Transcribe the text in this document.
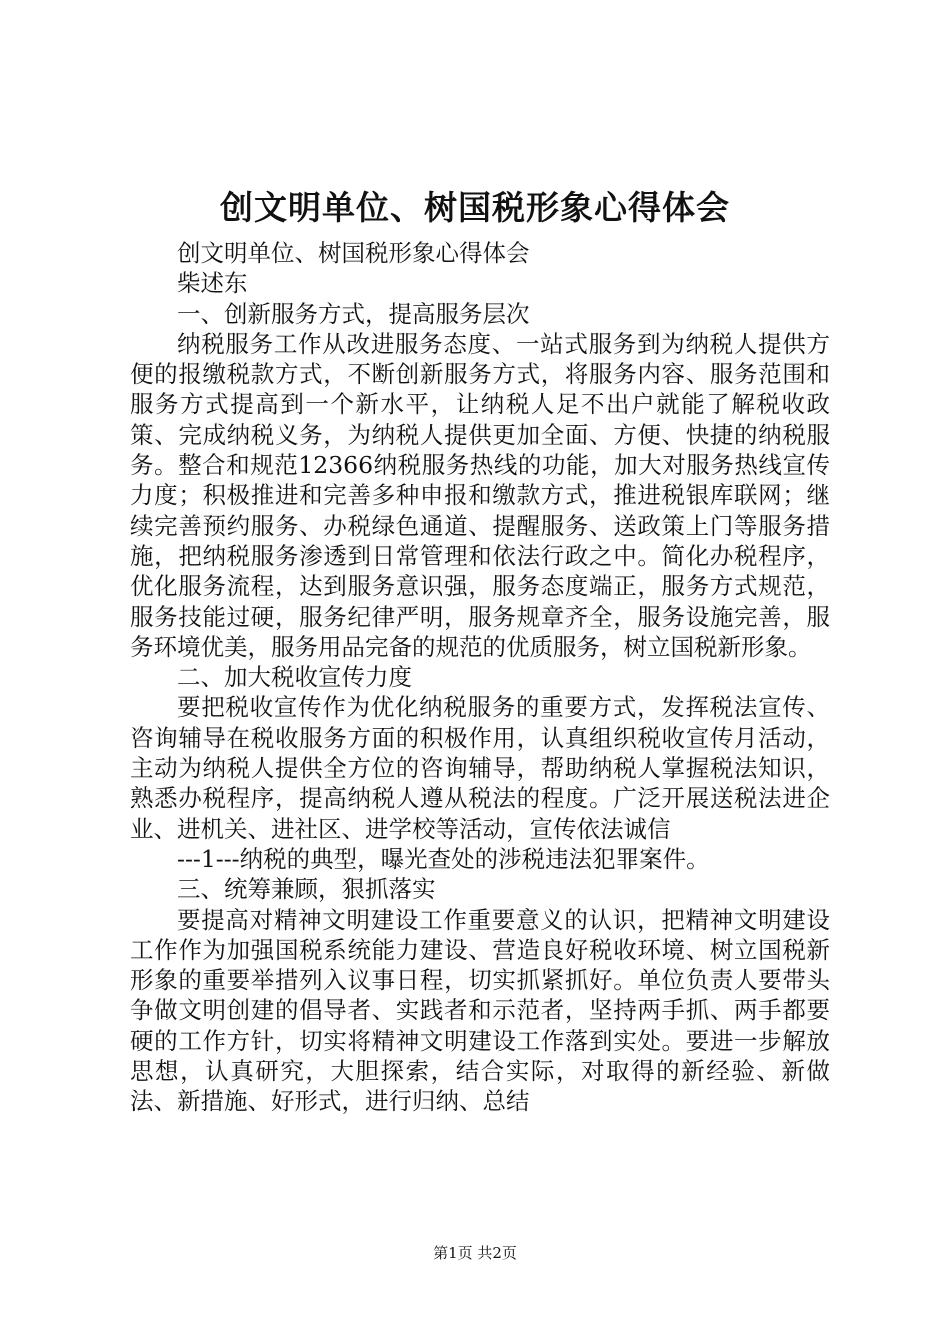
创文明单位、树国税形象心得体会

创文明单位、树国税形象心得体会

柴述东

一、创新服务方式，提高服务层次

纳税服务工作从改进服务态度、一站式服务到为纳税人提供方便的报缴税款方式，不断创新服务方式，将服务内容、服务范围和服务方式提高到一个新水平，让纳税人足不出户就能了解税收政策、完成纳税义务，为纳税人提供更加全面、方便、快捷的纳税服务。整合和规范12366纳税服务热线的功能，加大对服务热线宣传力度；积极推进和完善多种申报和缴款方式，推进税银库联网；继续完善预约服务、办税绿色通道、提醒服务、送政策上门等服务措施，把纳税服务渗透到日常管理和依法行政之中。简化办税程序，优化服务流程，达到服务意识强，服务态度端正，服务方式规范，服务技能过硬，服务纪律严明，服务规章齐全，服务设施完善，服务环境优美，服务用品完备的规范的优质服务，树立国税新形象。

二、加大税收宣传力度

要把税收宣传作为优化纳税服务的重要方式，发挥税法宣传、咨询辅导在税收服务方面的积极作用，认真组织税收宣传月活动，主动为纳税人提供全方位的咨询辅导，帮助纳税人掌握税法知识，熟悉办税程序，提高纳税人遵从税法的程度。广泛开展送税法进企业、进机关、进社区、进学校等活动，宣传依法诚信

---1---纳税的典型，曝光查处的涉税违法犯罪案件。

三、统筹兼顾，狠抓落实

要提高对精神文明建设工作重要意义的认识，把精神文明建设工作作为加强国税系统能力建设、营造良好税收环境、树立国税新形象的重要举措列入议事日程，切实抓紧抓好。单位负责人要带头争做文明创建的倡导者、实践者和示范者，坚持两手抓、两手都要硬的工作方针，切实将精神文明建设工作落到实处。要进一步解放思想，认真研究，大胆探索，结合实际，对取得的新经验、新做法、新措施、好形式，进行归纳、总结

第1页 共2页
